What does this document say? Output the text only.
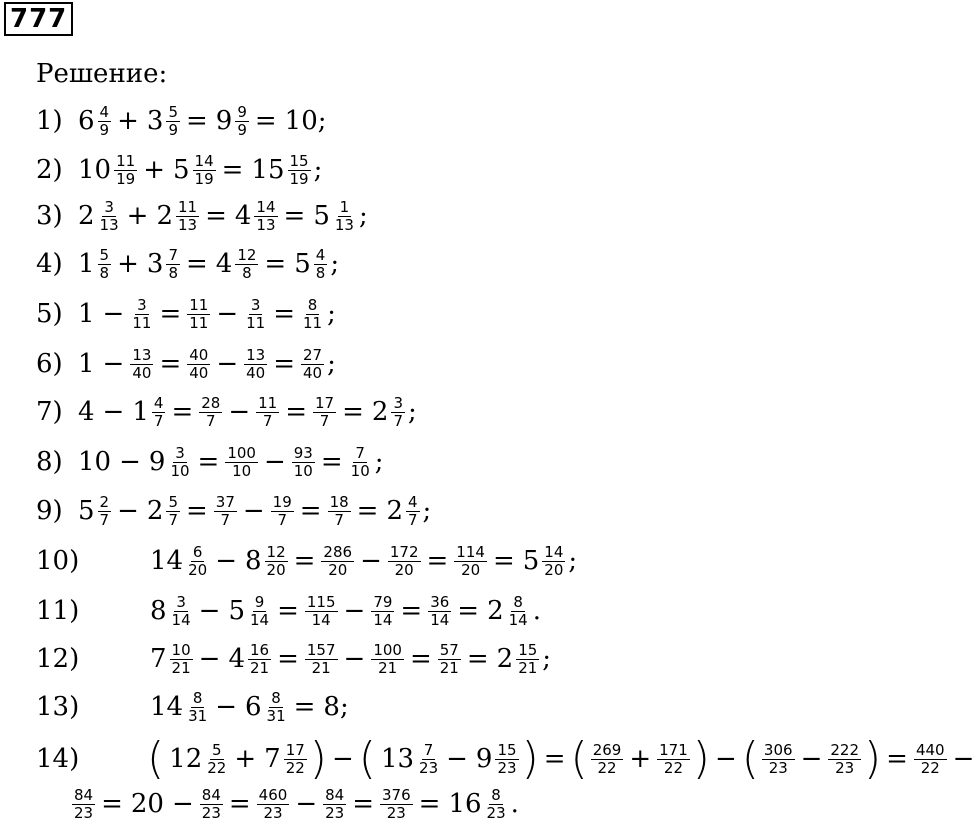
777
Решение:
1) $6 \frac{4}{9} + 3 \frac{5}{9} = 9 \frac{9}{9} = 10$;
2) $10 \frac{11}{19} + 5 \frac{14}{19} = 15 \frac{15}{19}$ ;
3) $2 \frac{3}{13} + 2 \frac{11}{13} = 4 \frac{14}{13} = 5 \frac{1}{13}$ ;
4) $1 \frac{5}{8} + 3 \frac{7}{8} = 4 \frac{12}{8} = 5 \frac{4}{8}$ ;
5) $1 - \frac{3}{11} = \frac{11}{11} - \frac{3}{11} = \frac{8}{11}$ ;
6) $1 - \frac{13}{40} = \frac{40}{40} - \frac{13}{40} = \frac{27}{40}$ ;
7) $4 - 1 \frac{4}{7} = \frac{28}{7} - \frac{11}{7} = \frac{17}{7} = 2 \frac{3}{7}$ ;
8) $10 - 9 \frac{3}{10} = \frac{100}{10} - \frac{93}{10} = \frac{7}{10}$ ;
9) $5 \frac{2}{7} - 2 \frac{5}{7} = \frac{37}{7} - \frac{19}{7} = \frac{18}{7} = 2 \frac{4}{7}$ ;
10)	$14 \frac{6}{20} - 8 \frac{12}{20} = \frac{286}{20} - \frac{172}{20} = \frac{114}{20} = 5 \frac{14}{20}$ ;
11)	$8 \frac{3}{14} - 5 \frac{9}{14} = \frac{115}{14} - \frac{79}{14} = \frac{36}{14} = 2 \frac{8}{14}$ .
12)	$7 \frac{10}{21} - 4 \frac{16}{21} = \frac{157}{21} - \frac{100}{21} = \frac{57}{21} = 2 \frac{15}{21}$ ;
13)	$14 \frac{8}{31} - 6 \frac{8}{31} = 8$;
14)	( $12 \frac{5}{22} + 7 \frac{17}{22}$ ) − ( $13 \frac{7}{23} - 9 \frac{15}{23}$ ) = ( $\frac{269}{22} + \frac{171}{22}$ ) − ( $\frac{306}{23} - \frac{222}{23}$ ) = $\frac{440}{22}$ −
$\frac{84}{23} = 20 - \frac{84}{23} = \frac{460}{23} - \frac{84}{23} = \frac{376}{23} = 16 \frac{8}{23}$ .
